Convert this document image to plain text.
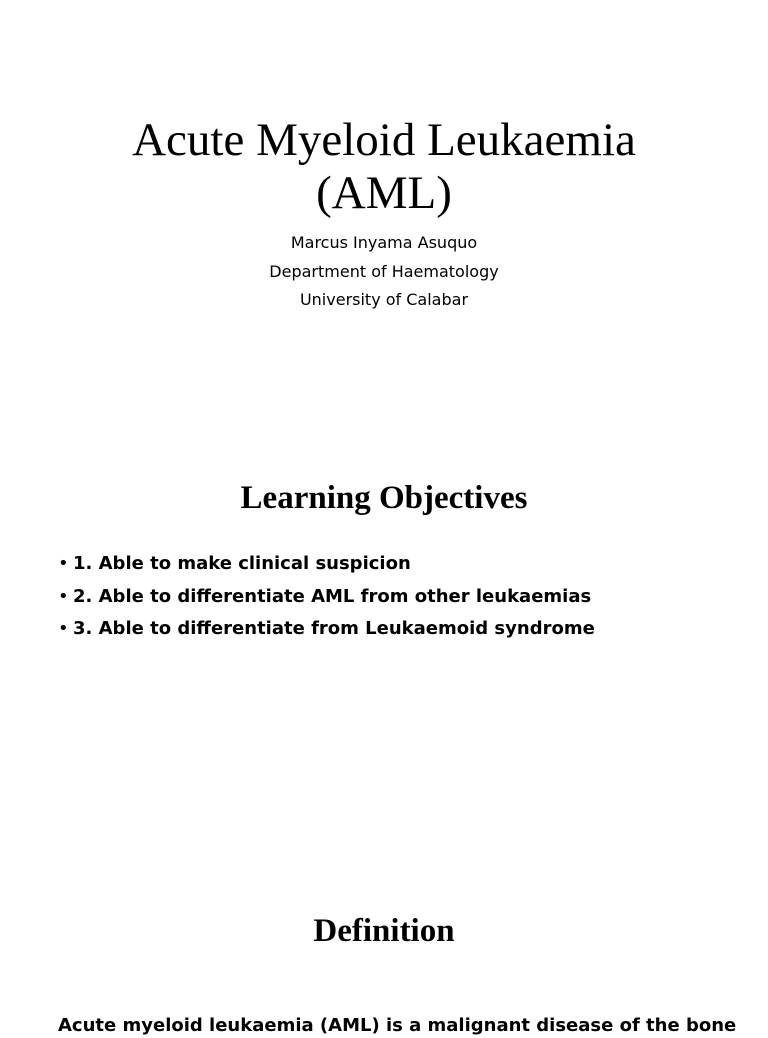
Acute Myeloid Leukaemia
(AML)
Marcus Inyama Asuquo
Department of Haematology
University of Calabar
Learning Objectives
• 1. Able to make clinical suspicion
• 2. Able to differentiate AML from other leukaemias
• 3. Able to differentiate from Leukaemoid syndrome
Definition
Acute myeloid leukaemia (AML) is a malignant disease of the bone
